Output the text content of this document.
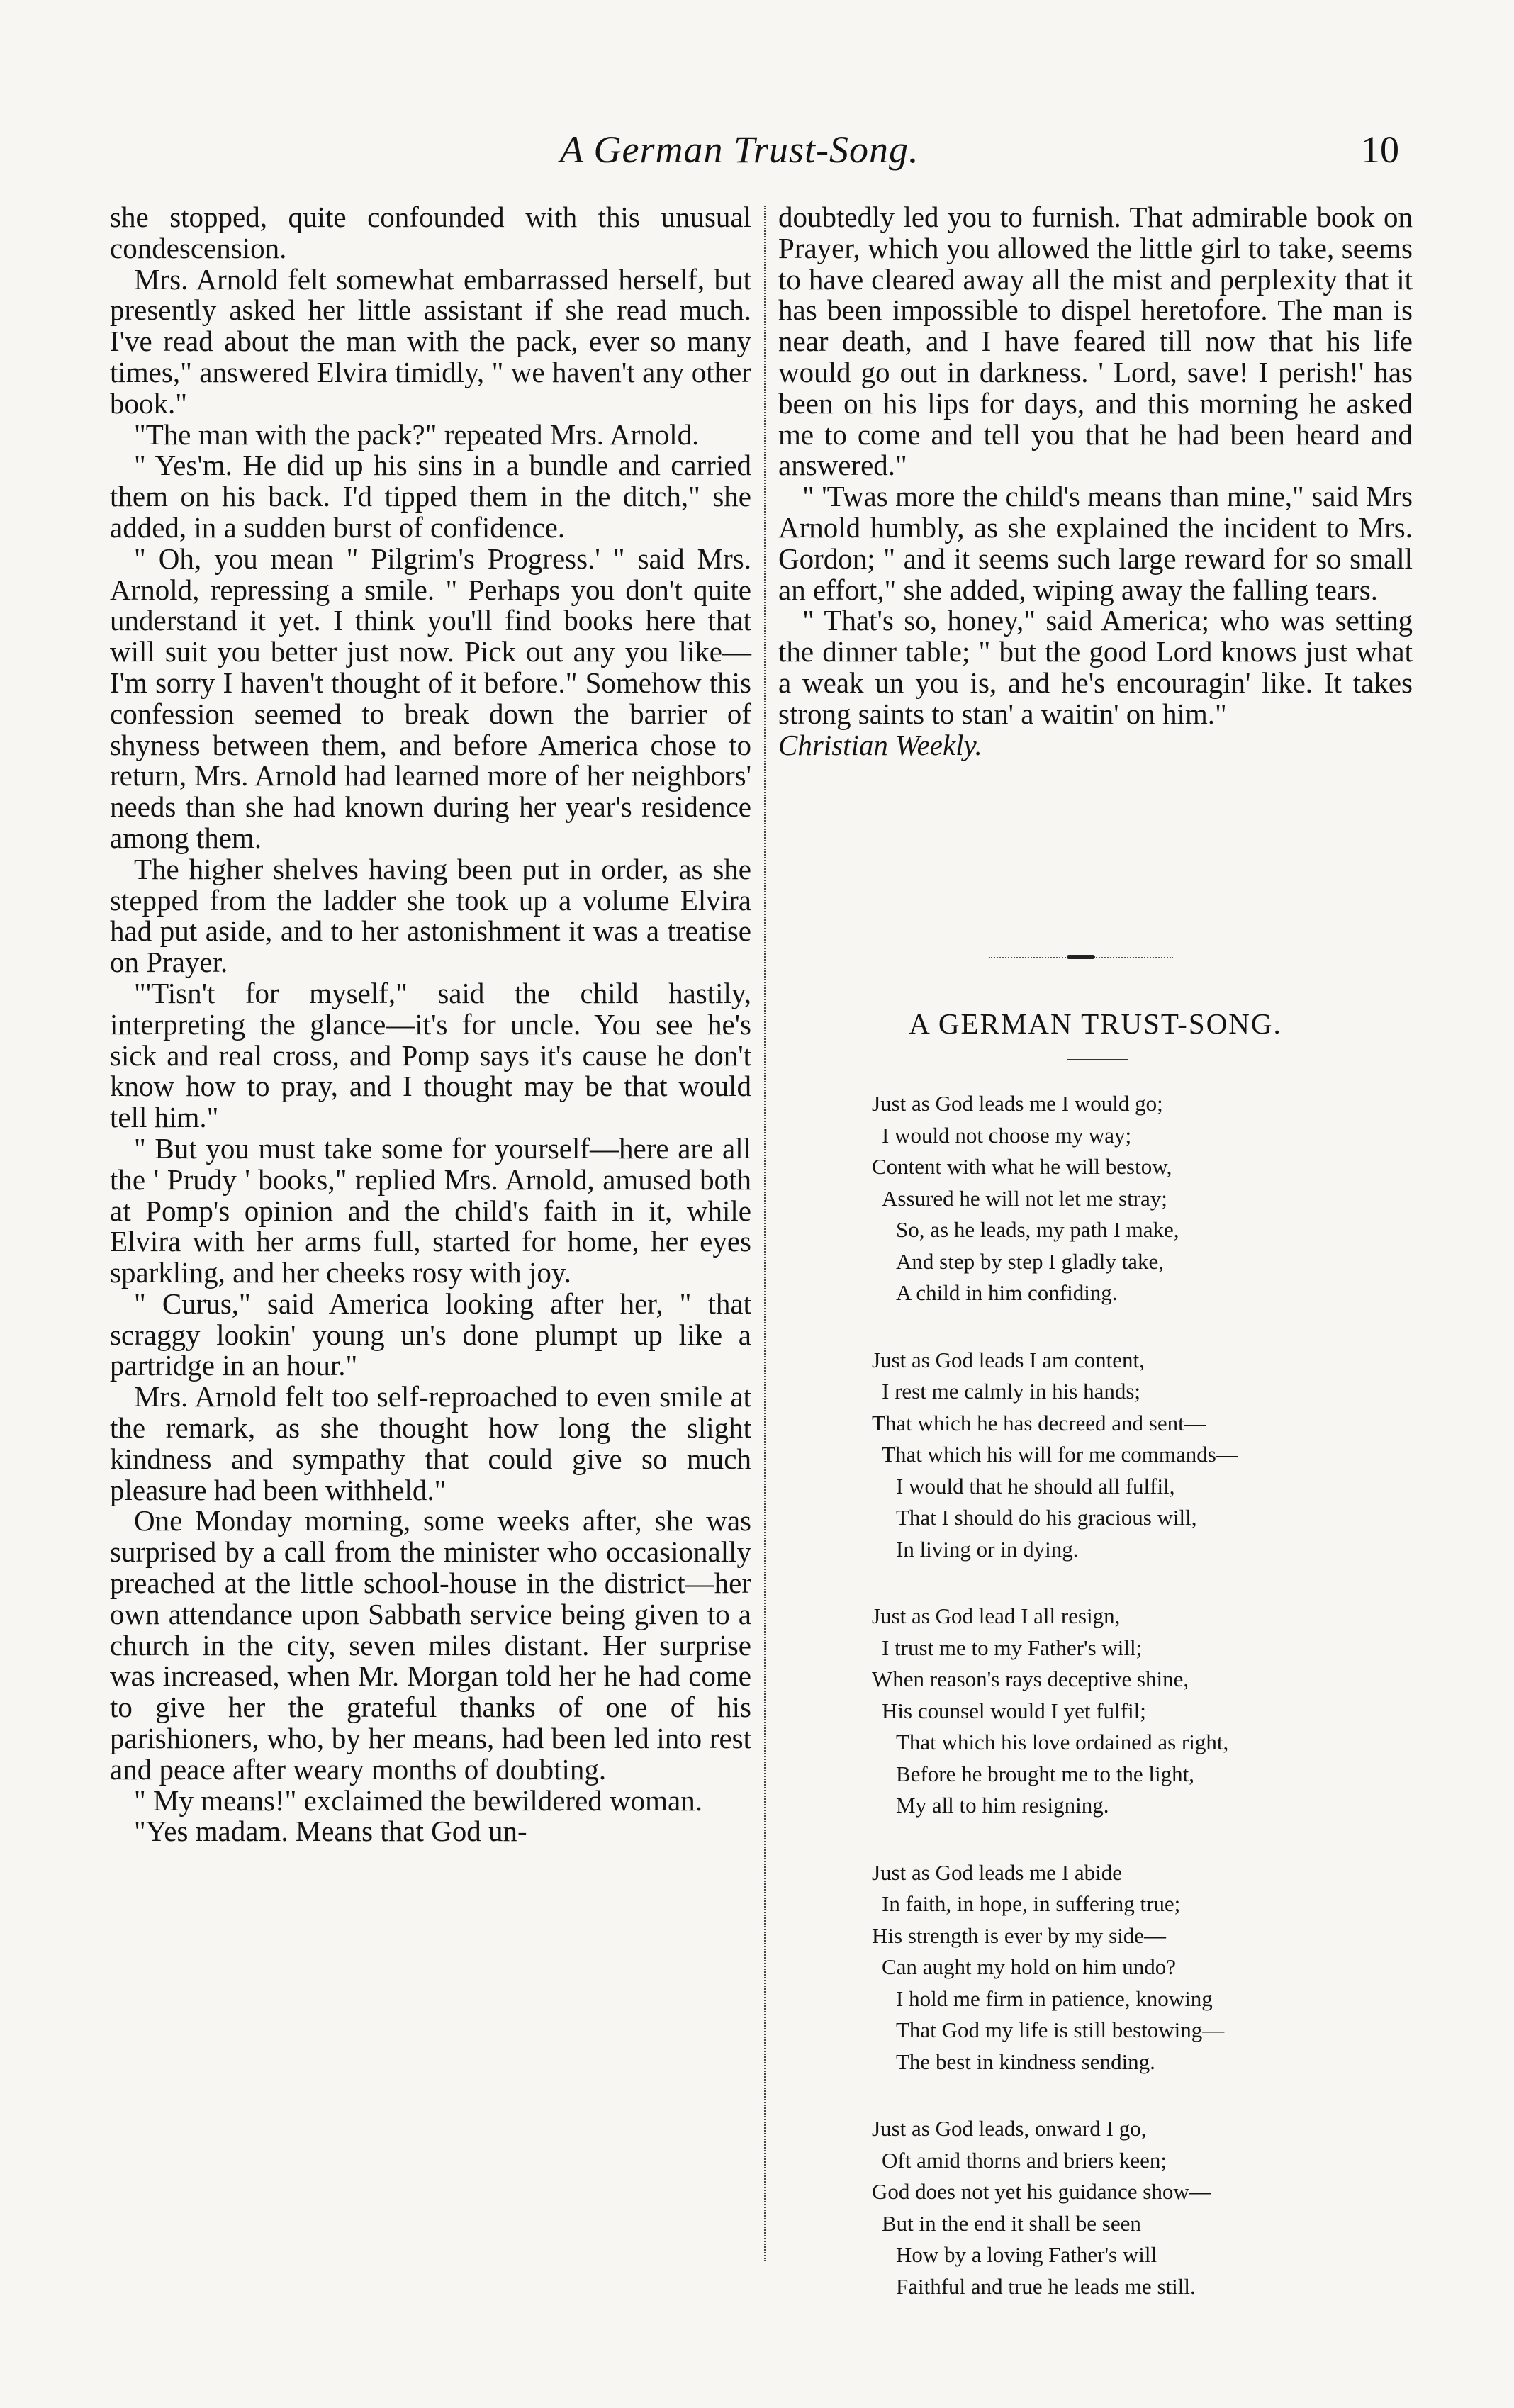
A German Trust-Song.	10

she stopped, quite confounded with this unusual condescension.

Mrs. Arnold felt somewhat embarrassed herself, but presently asked her little assistant if she read much. I've read about the man with the pack, ever so many times," answered Elvira timidly, " we haven't any other book."

"The man with the pack?" repeated Mrs. Arnold.

" Yes'm. He did up his sins in a bundle and carried them on his back. I'd tipped them in the ditch," she added, in a sudden burst of confidence.

" Oh, you mean " Pilgrim's Progress.' " said Mrs. Arnold, repressing a smile. " Perhaps you don't quite understand it yet. I think you'll find books here that will suit you better just now. Pick out any you like—I'm sorry I haven't thought of it before." Somehow this confession seemed to break down the barrier of shyness between them, and before America chose to return, Mrs. Arnold had learned more of her neighbors' needs than she had known during her year's residence among them.

The higher shelves having been put in order, as she stepped from the ladder she took up a volume Elvira had put aside, and to her astonishment it was a treatise on Prayer.

"'Tisn't for myself," said the child hastily, interpreting the glance—it's for uncle. You see he's sick and real cross, and Pomp says it's cause he don't know how to pray, and I thought may be that would tell him."

" But you must take some for yourself—here are all the ' Prudy ' books," replied Mrs. Arnold, amused both at Pomp's opinion and the child's faith in it, while Elvira with her arms full, started for home, her eyes sparkling, and her cheeks rosy with joy.

" Curus," said America looking after her, " that scraggy lookin' young un's done plumpt up like a partridge in an hour."

Mrs. Arnold felt too self-reproached to even smile at the remark, as she thought how long the slight kindness and sympathy that could give so much pleasure had been withheld."

One Monday morning, some weeks after, she was surprised by a call from the minister who occasionally preached at the little school-house in the district—her own attendance upon Sabbath service being given to a church in the city, seven miles distant. Her surprise was increased, when Mr. Morgan told her he had come to give her the grateful thanks of one of his parishioners, who, by her means, had been led into rest and peace after weary months of doubting.

" My means!" exclaimed the bewildered woman.

"Yes madam. Means that God un-

doubtedly led you to furnish. That admirable book on Prayer, which you allowed the little girl to take, seems to have cleared away all the mist and perplexity that it has been impossible to dispel heretofore. The man is near death, and I have feared till now that his life would go out in darkness. ' Lord, save! I perish!' has been on his lips for days, and this morning he asked me to come and tell you that he had been heard and answered."

" 'Twas more the child's means than mine," said Mrs Arnold humbly, as she explained the incident to Mrs. Gordon; " and it seems such large reward for so small an effort," she added, wiping away the falling tears.

" That's so, honey," said America; who was setting the dinner table; " but the good Lord knows just what a weak un you is, and he's encouragin' like. It takes strong saints to stan' a waitin' on him."

Christian Weekly.

A GERMAN TRUST-SONG.
Just as God leads me I would go;
I would not choose my way;
Content with what he will bestow,
Assured he will not let me stray;
So, as he leads, my path I make,
And step by step I gladly take,
A child in him confiding.
Just as God leads I am content,
I rest me calmly in his hands;
That which he has decreed and sent—
That which his will for me commands—
I would that he should all fulfil,
That I should do his gracious will,
In living or in dying.
Just as God lead I all resign,
I trust me to my Father's will;
When reason's rays deceptive shine,
His counsel would I yet fulfil;
That which his love ordained as right,
Before he brought me to the light,
My all to him resigning.
Just as God leads me I abide
In faith, in hope, in suffering true;
His strength is ever by my side—
Can aught my hold on him undo?
I hold me firm in patience, knowing
That God my life is still bestowing—
The best in kindness sending.
Just as God leads, onward I go,
Oft amid thorns and briers keen;
God does not yet his guidance show—
But in the end it shall be seen
How by a loving Father's will
Faithful and true he leads me still.
